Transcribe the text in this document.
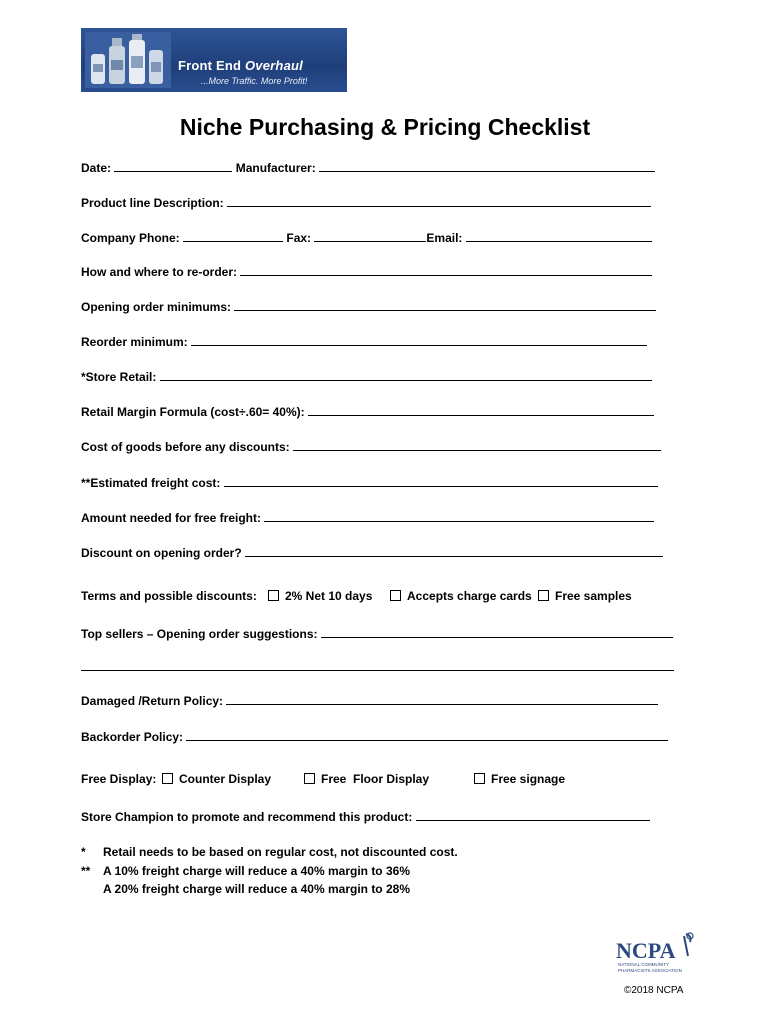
Front End Overhaul
...More Traffic. More Profit!
Niche Purchasing & Pricing Checklist
Date:	Manufacturer:
Product line Description:
Company Phone:	Fax:	Email:
How and where to re-order:
Opening order minimums:
Reorder minimum:
*Store Retail:
Retail Margin Formula (cost÷.60= 40%):
Cost of goods before any discounts:
**Estimated freight cost:
Amount needed for free freight:
Discount on opening order?
Terms and possible discounts:	2% Net 10 days	Accepts charge cards	Free samples
Top sellers – Opening order suggestions:
Damaged /Return Policy:
Backorder Policy:
Free Display:	Counter Display	Free  Floor Display	Free signage
Store Champion to promote and recommend this product:
* Retail needs to be based on regular cost, not discounted cost.
** A 10% freight charge will reduce a 40% margin to 36%
A 20% freight charge will reduce a 40% margin to 28%
NCPA
NATIONAL COMMUNITY
PHARMACISTS ASSOCIATION
©2018 NCPA
